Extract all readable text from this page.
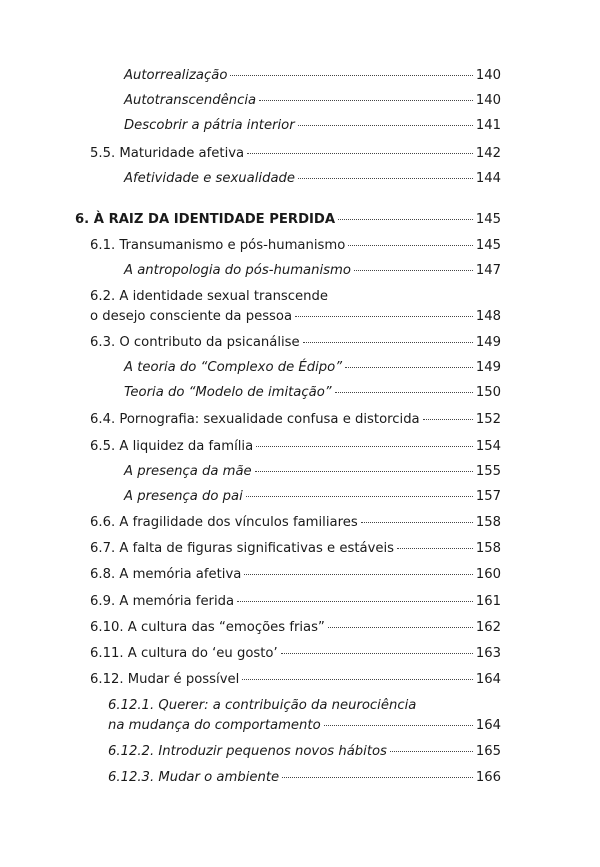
Autorrealização	140
Autotranscendência	140
Descobrir a pátria interior	141
5.5. Maturidade afetiva	142
Afetividade e sexualidade	144
6. À RAIZ DA IDENTIDADE PERDIDA	145
6.1. Transumanismo e pós-humanismo	145
A antropologia do pós-humanismo	147
6.2. A identidade sexual transcende
o desejo consciente da pessoa	148
6.3. O contributo da psicanálise	149
A teoria do “Complexo de Édipo”	149
Teoria do “Modelo de imitação”	150
6.4. Pornografia: sexualidade confusa e distorcida	152
6.5. A liquidez da família	154
A presença da mãe	155
A presença do pai	157
6.6. A fragilidade dos vínculos familiares	158
6.7. A falta de figuras significativas e estáveis	158
6.8. A memória afetiva	160
6.9. A memória ferida	161
6.10. A cultura das “emoções frias”	162
6.11. A cultura do ‘eu gosto’	163
6.12. Mudar é possível	164
6.12.1. Querer: a contribuição da neurociência
na mudança do comportamento	164
6.12.2. Introduzir pequenos novos hábitos	165
6.12.3. Mudar o ambiente	166
